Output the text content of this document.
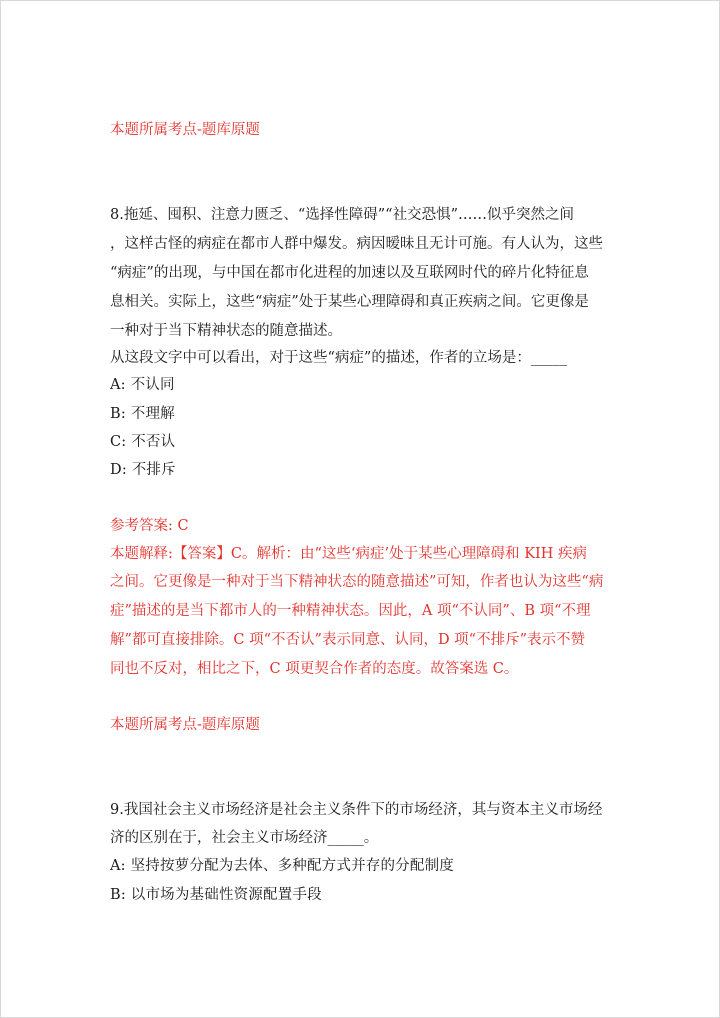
本题所属考点-题库原题
8.拖延、囤积、注意力匮乏、“选择性障碍”“社交恐惧”……似乎突然之间
，这样古怪的病症在都市人群中爆发。病因暧昧且无计可施。有人认为，这些
“病症”的出现，与中国在都市化进程的加速以及互联网时代的碎片化特征息
息相关。实际上，这些“病症”处于某些心理障碍和真正疾病之间。它更像是
一种对于当下精神状态的随意描述。
从这段文字中可以看出，对于这些“病症”的描述，作者的立场是：_____
A: 不认同
B: 不理解
C: 不否认
D: 不排斥
参考答案: C
本题解释:【答案】C。解析：由“这些‘病症’处于某些心理障碍和 KIH 疾病
之间。它更像是一种对于当下精神状态的随意描述”可知，作者也认为这些“病
症”描述的是当下都市人的一种精神状态。因此，A 项“不认同”、B 项“不理
解”都可直接排除。C 项“不否认”表示同意、认同，D 项“不排斥”表示不赞
同也不反对，相比之下，C 项更契合作者的态度。故答案选 C。
本题所属考点-题库原题
9.我国社会主义市场经济是社会主义条件下的市场经济，其与资本主义市场经
济的区别在于，社会主义市场经济_____。
A: 坚持按萝分配为去体、多种配方式并存的分配制度
B: 以市场为基础性资源配置手段
